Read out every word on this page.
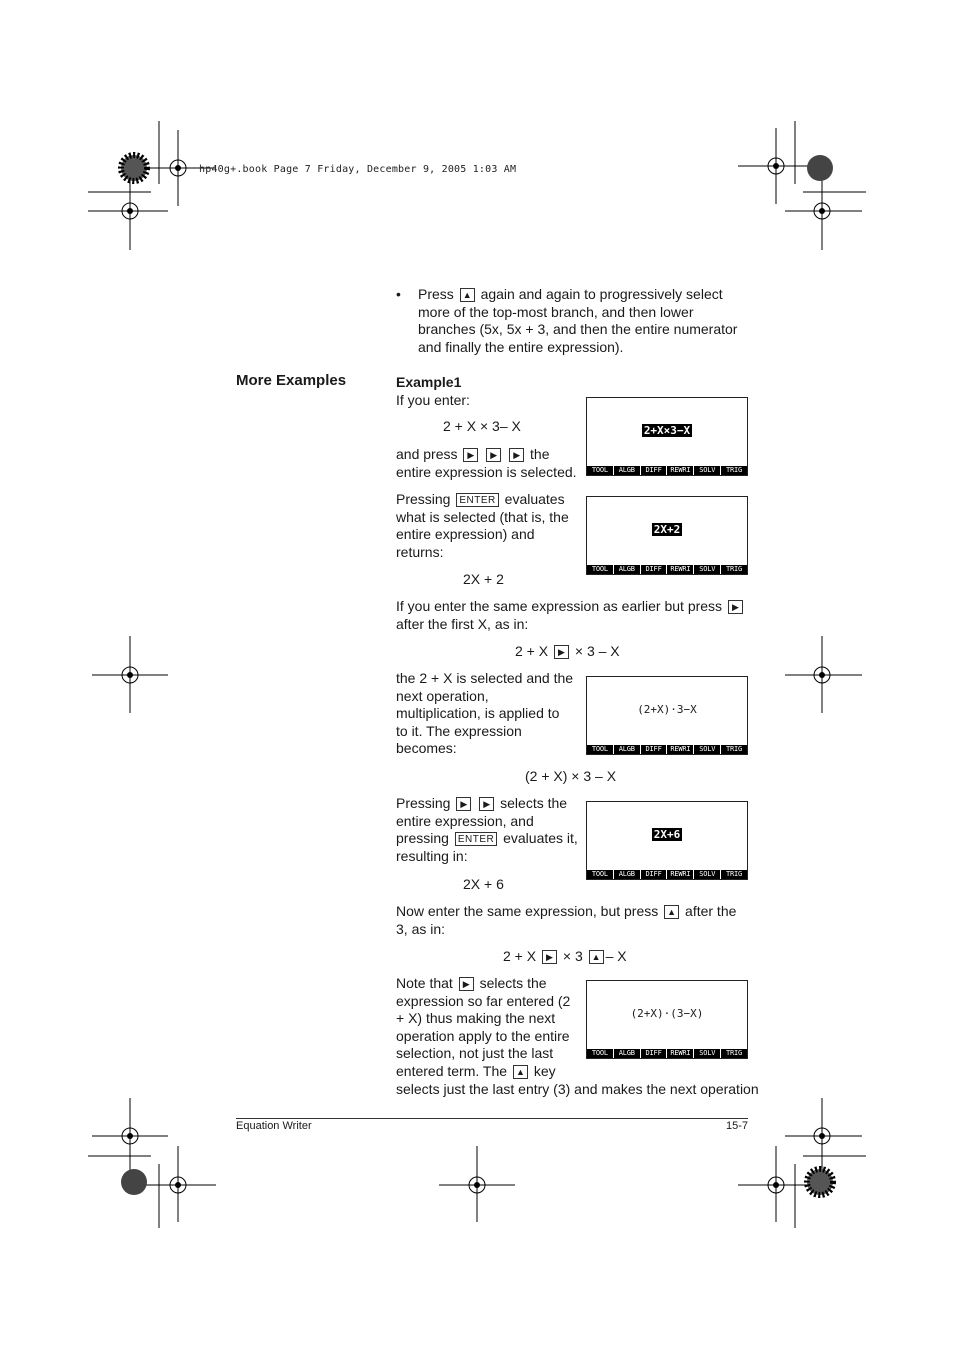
hp40g+.book Page 7 Friday, December 9, 2005 1:03 AM
• Press ▲ again and again to progressively select
more of the top-most branch, and then lower
branches (5x, 5x + 3, and then the entire numerator
and finally the entire expression).
More Examples	Example1
If you enter:
2 + X × 3– X
and press ▶ ▶ ▶ the
entire expression is selected.
Pressing ENTER evaluates
what is selected (that is, the
entire expression) and
returns:
2X + 2
If you enter the same expression as earlier but press ▶
after the first X, as in:
2 + X ▶ × 3 – X
the 2 + X is selected and the
next operation,
multiplication, is applied to
to it. The expression
becomes:
(2 + X) × 3 – X
Pressing ▶ ▶ selects the
entire expression, and
pressing ENTER evaluates it,
resulting in:
2X + 6
Now enter the same expression, but press ▲ after the
3, as in:
2 + X ▶ × 3 ▲ – X
Note that ▶ selects the
expression so far entered (2
+ X) thus making the next
operation apply to the entire
selection, not just the last
entered term. The ▲ key
selects just the last entry (3) and makes the next operation
2+X×3−X
TOOL	ALGB	DIFF	REWRI	SOLV	TRIG
2X+2
TOOL	ALGB	DIFF	REWRI	SOLV	TRIG
(2+X)·3−X
TOOL	ALGB	DIFF	REWRI	SOLV	TRIG
2X+6
TOOL	ALGB	DIFF	REWRI	SOLV	TRIG
(2+X)·(3−X)
TOOL	ALGB	DIFF	REWRI	SOLV	TRIG
Equation Writer	15-7
